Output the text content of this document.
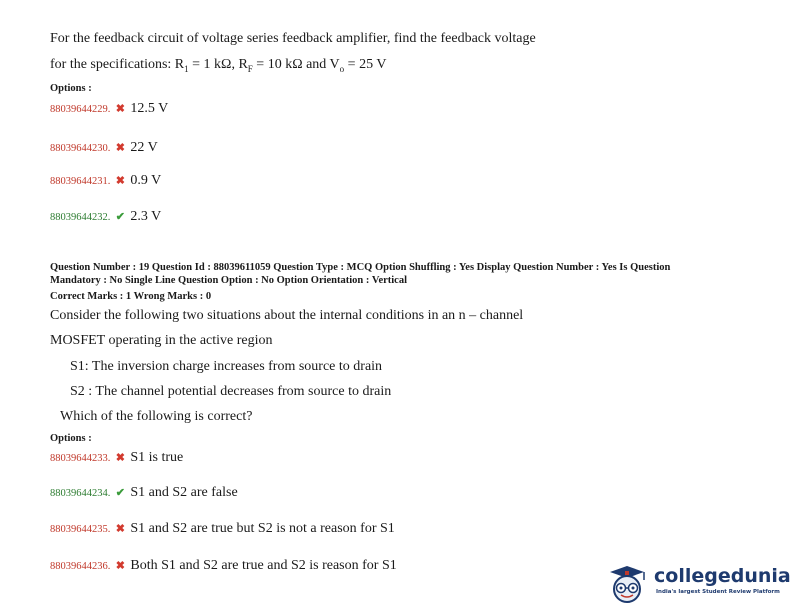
For the feedback circuit of voltage series feedback amplifier, find the feedback voltage
for the specifications: $R_1 = 1$ kΩ, $R_F = 10$ kΩ and $V_o = 25$ V
Options :
88039644229. ✖ 12.5 V
88039644230. ✖ 22 V
88039644231. ✖ 0.9 V
88039644232. ✔ 2.3 V
Question Number : 19 Question Id : 88039611059 Question Type : MCQ Option Shuffling : Yes Display Question Number : Yes Is Question
Mandatory : No Single Line Question Option : No Option Orientation : Vertical
Correct Marks : 1 Wrong Marks : 0
Consider the following two situations about the internal conditions in an n – channel
MOSFET operating in the active region
S1: The inversion charge increases from source to drain
S2 : The channel potential decreases from source to drain
Which of the following is correct?
Options :
88039644233. ✖ S1 is true
88039644234. ✔ S1 and S2 are false
88039644235. ✖ S1 and S2 are true but S2 is not a reason for S1
88039644236. ✖ Both S1 and S2 are true and S2 is reason for S1	collegedunia
India's largest Student Review Platform
